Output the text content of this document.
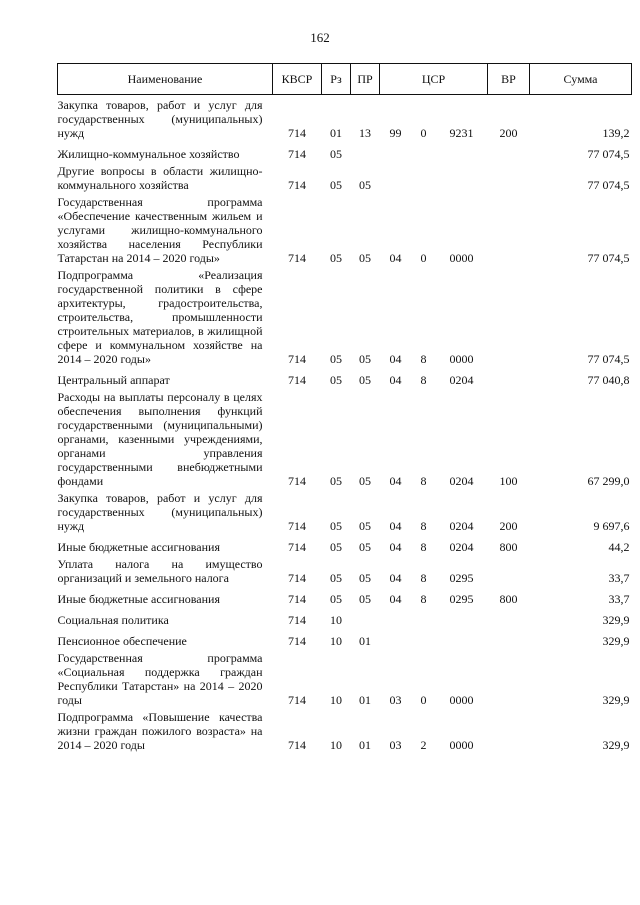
162
Наименование	КВСР	Рз	ПР	ЦСР			ВР	Сумма
Закупка товаров, работ и услуг для государственных (муниципальных) нужд	714	01	13	99	0	9231	200	139,2
Жилищно-коммунальное хозяйство	714	05						77 074,5
Другие вопросы в области жилищно-коммунального хозяйства	714	05	05					77 074,5
Государственная программа «Обеспечение качественным жильем и услугами жилищно-коммунального хозяйства населения Республики Татарстан на 2014 – 2020 годы»	714	05	05	04	0	0000		77 074,5
Подпрограмма «Реализация государственной политики в сфере архитектуры, градостроительства, строительства, промышленности строительных материалов, в жилищной сфере и коммунальном хозяйстве на 2014 – 2020 годы»	714	05	05	04	8	0000		77 074,5
Центральный аппарат	714	05	05	04	8	0204		77 040,8
Расходы на выплаты персоналу в целях обеспечения выполнения функций государственными (муниципальными) органами, казенными учреждениями, органами управления государственными внебюджетными фондами	714	05	05	04	8	0204	100	67 299,0
Закупка товаров, работ и услуг для государственных (муниципальных) нужд	714	05	05	04	8	0204	200	9 697,6
Иные бюджетные ассигнования	714	05	05	04	8	0204	800	44,2
Уплата налога на имущество организаций и земельного налога	714	05	05	04	8	0295		33,7
Иные бюджетные ассигнования	714	05	05	04	8	0295	800	33,7
Социальная политика	714	10						329,9
Пенсионное обеспечение	714	10	01					329,9
Государственная программа «Социальная поддержка граждан Республики Татарстан» на 2014 – 2020 годы	714	10	01	03	0	0000		329,9
Подпрограмма «Повышение качества жизни граждан пожилого возраста» на 2014 – 2020 годы	714	10	01	03	2	0000		329,9
